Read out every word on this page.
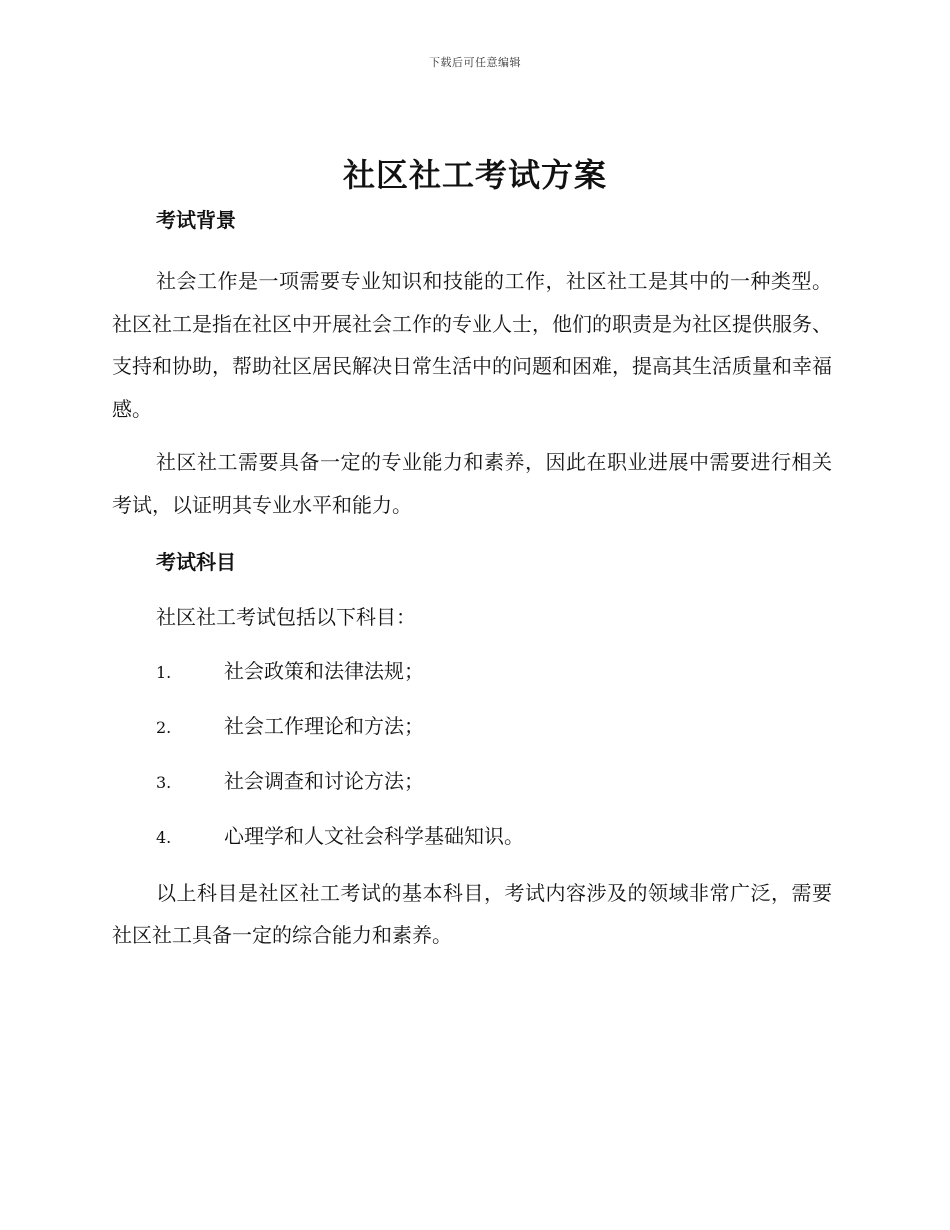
下载后可任意编辑
社区社工考试方案
考试背景

社会工作是一项需要专业知识和技能的工作，社区社工是其中的一种类型。社区社工是指在社区中开展社会工作的专业人士，他们的职责是为社区提供服务、支持和协助，帮助社区居民解决日常生活中的问题和困难，提高其生活质量和幸福感。

社区社工需要具备一定的专业能力和素养，因此在职业进展中需要进行相关考试，以证明其专业水平和能力。

考试科目

社区社工考试包括以下科目：

1.	社会政策和法律法规；
2.	社会工作理论和方法；
3.	社会调查和讨论方法；
4.	心理学和人文社会科学基础知识。

以上科目是社区社工考试的基本科目，考试内容涉及的领域非常广泛，需要社区社工具备一定的综合能力和素养。
